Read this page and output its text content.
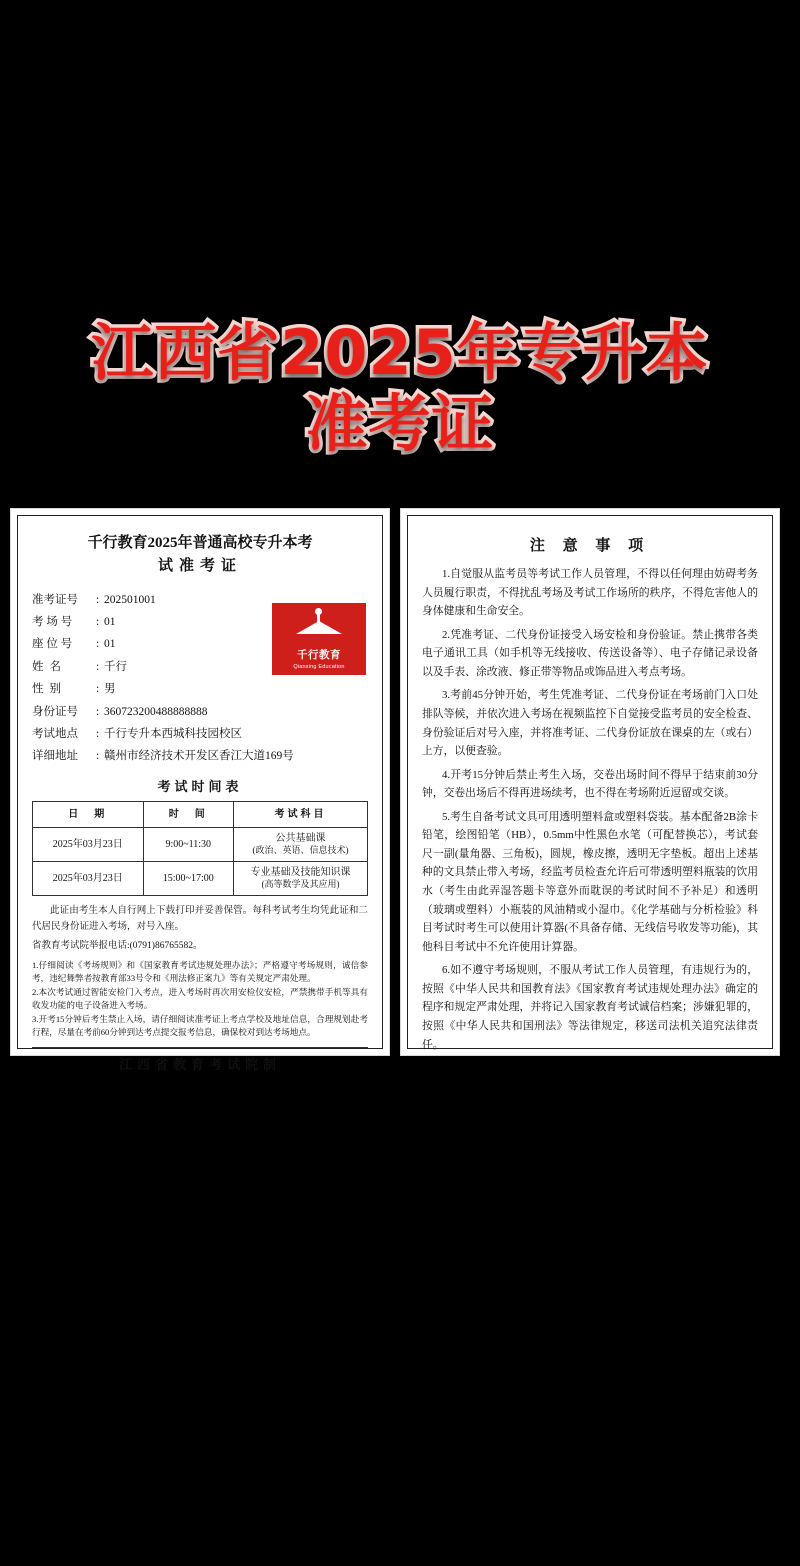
江西省2025年专升本
准考证
千行教育2025年普通高校专升本考
试准考证
准考证号	: 202501001
考 场 号	: 01
座 位 号	: 01
姓名	: 千行
性别	: 男
身份证号	: 360723200488888888
考试地点	: 千行专升本西城科技园校区
详细地址	: 赣州市经济技术开发区香江大道169号
千行教育
Qianxing Education
考试时间表
日　期	时　间	考试科目
2025年03月23日	9:00~11:30	公共基础课
(政治、英语、信息技术)

2025年03月23日	15:00~17:00	专业基础及技能知识课
(高等数学及其应用)
此证由考生本人自行网上下载打印并妥善保管。每科考试考生均凭此证和二代居民身份证进入考场，对号入座。
省教育考试院举报电话:(0791)86765582。

1.仔细阅读《考场规则》和《国家教育考试违规处理办法》；严格遵守考场规则，诚信参考，违纪舞弊者按教育部33号令和《刑法修正案九》等有关规定严肃处理。

2.本次考试通过智能安检门入考点，进入考场时再次用安检仪安检，严禁携带手机等具有收发功能的电子设备进入考场。

3.开考15分钟后考生禁止入场，请仔细阅读准考证上考点学校及地址信息，合理规划赴考行程，尽量在考前60分钟到达考点提交报考信息，确保校对到达考场地点。

江西省教育考试院制
注 意 事 项

1.自觉服从监考员等考试工作人员管理，不得以任何理由妨碍考务人员履行职责，不得扰乱考场及考试工作场所的秩序，不得危害他人的身体健康和生命安全。

2.凭准考证、二代身份证接受入场安检和身份验证。禁止携带各类电子通讯工具（如手机等无线接收、传送设备等）、电子存储记录设备以及手表、涂改液、修正带等物品或饰品进入考点考场。

3.考前45分钟开始，考生凭准考证、二代身份证在考场前门入口处排队等候，并依次进入考场在视频监控下自觉接受监考员的安全检查、身份验证后对号入座，并将准考证、二代身份证放在课桌的左（或右）上方，以便查验。

4.开考15分钟后禁止考生入场，交卷出场时间不得早于结束前30分钟，交卷出场后不得再进场续考，也不得在考场附近逗留或交谈。

5.考生自备考试文具可用透明塑料盒或塑料袋装。基本配备2B涂卡铅笔，绘图铅笔（HB），0.5mm中性黑色水笔（可配替换芯），考试套尺一副(量角器、三角板)，圆规，橡皮擦，透明无字垫板。超出上述基种的文具禁止带入考场，经监考员检查允许后可带透明塑料瓶装的饮用水（考生由此弄湿答题卡等意外而耽误的考试时间不予补足）和透明（玻璃或塑料）小瓶装的风油精或小湿巾。《化学基础与分析检验》科目考试时考生可以使用计算器(不具备存储、无线信号收发等功能)，其他科目考试中不允许使用计算器。

6.如不遵守考场规则，不服从考试工作人员管理，有违规行为的，按照《中华人民共和国教育法》《国家教育考试违规处理办法》确定的程序和规定严肃处理，并将记入国家教育考试诚信档案；涉嫌犯罪的，按照《中华人民共和国刑法》等法律规定，移送司法机关追究法律责任。
